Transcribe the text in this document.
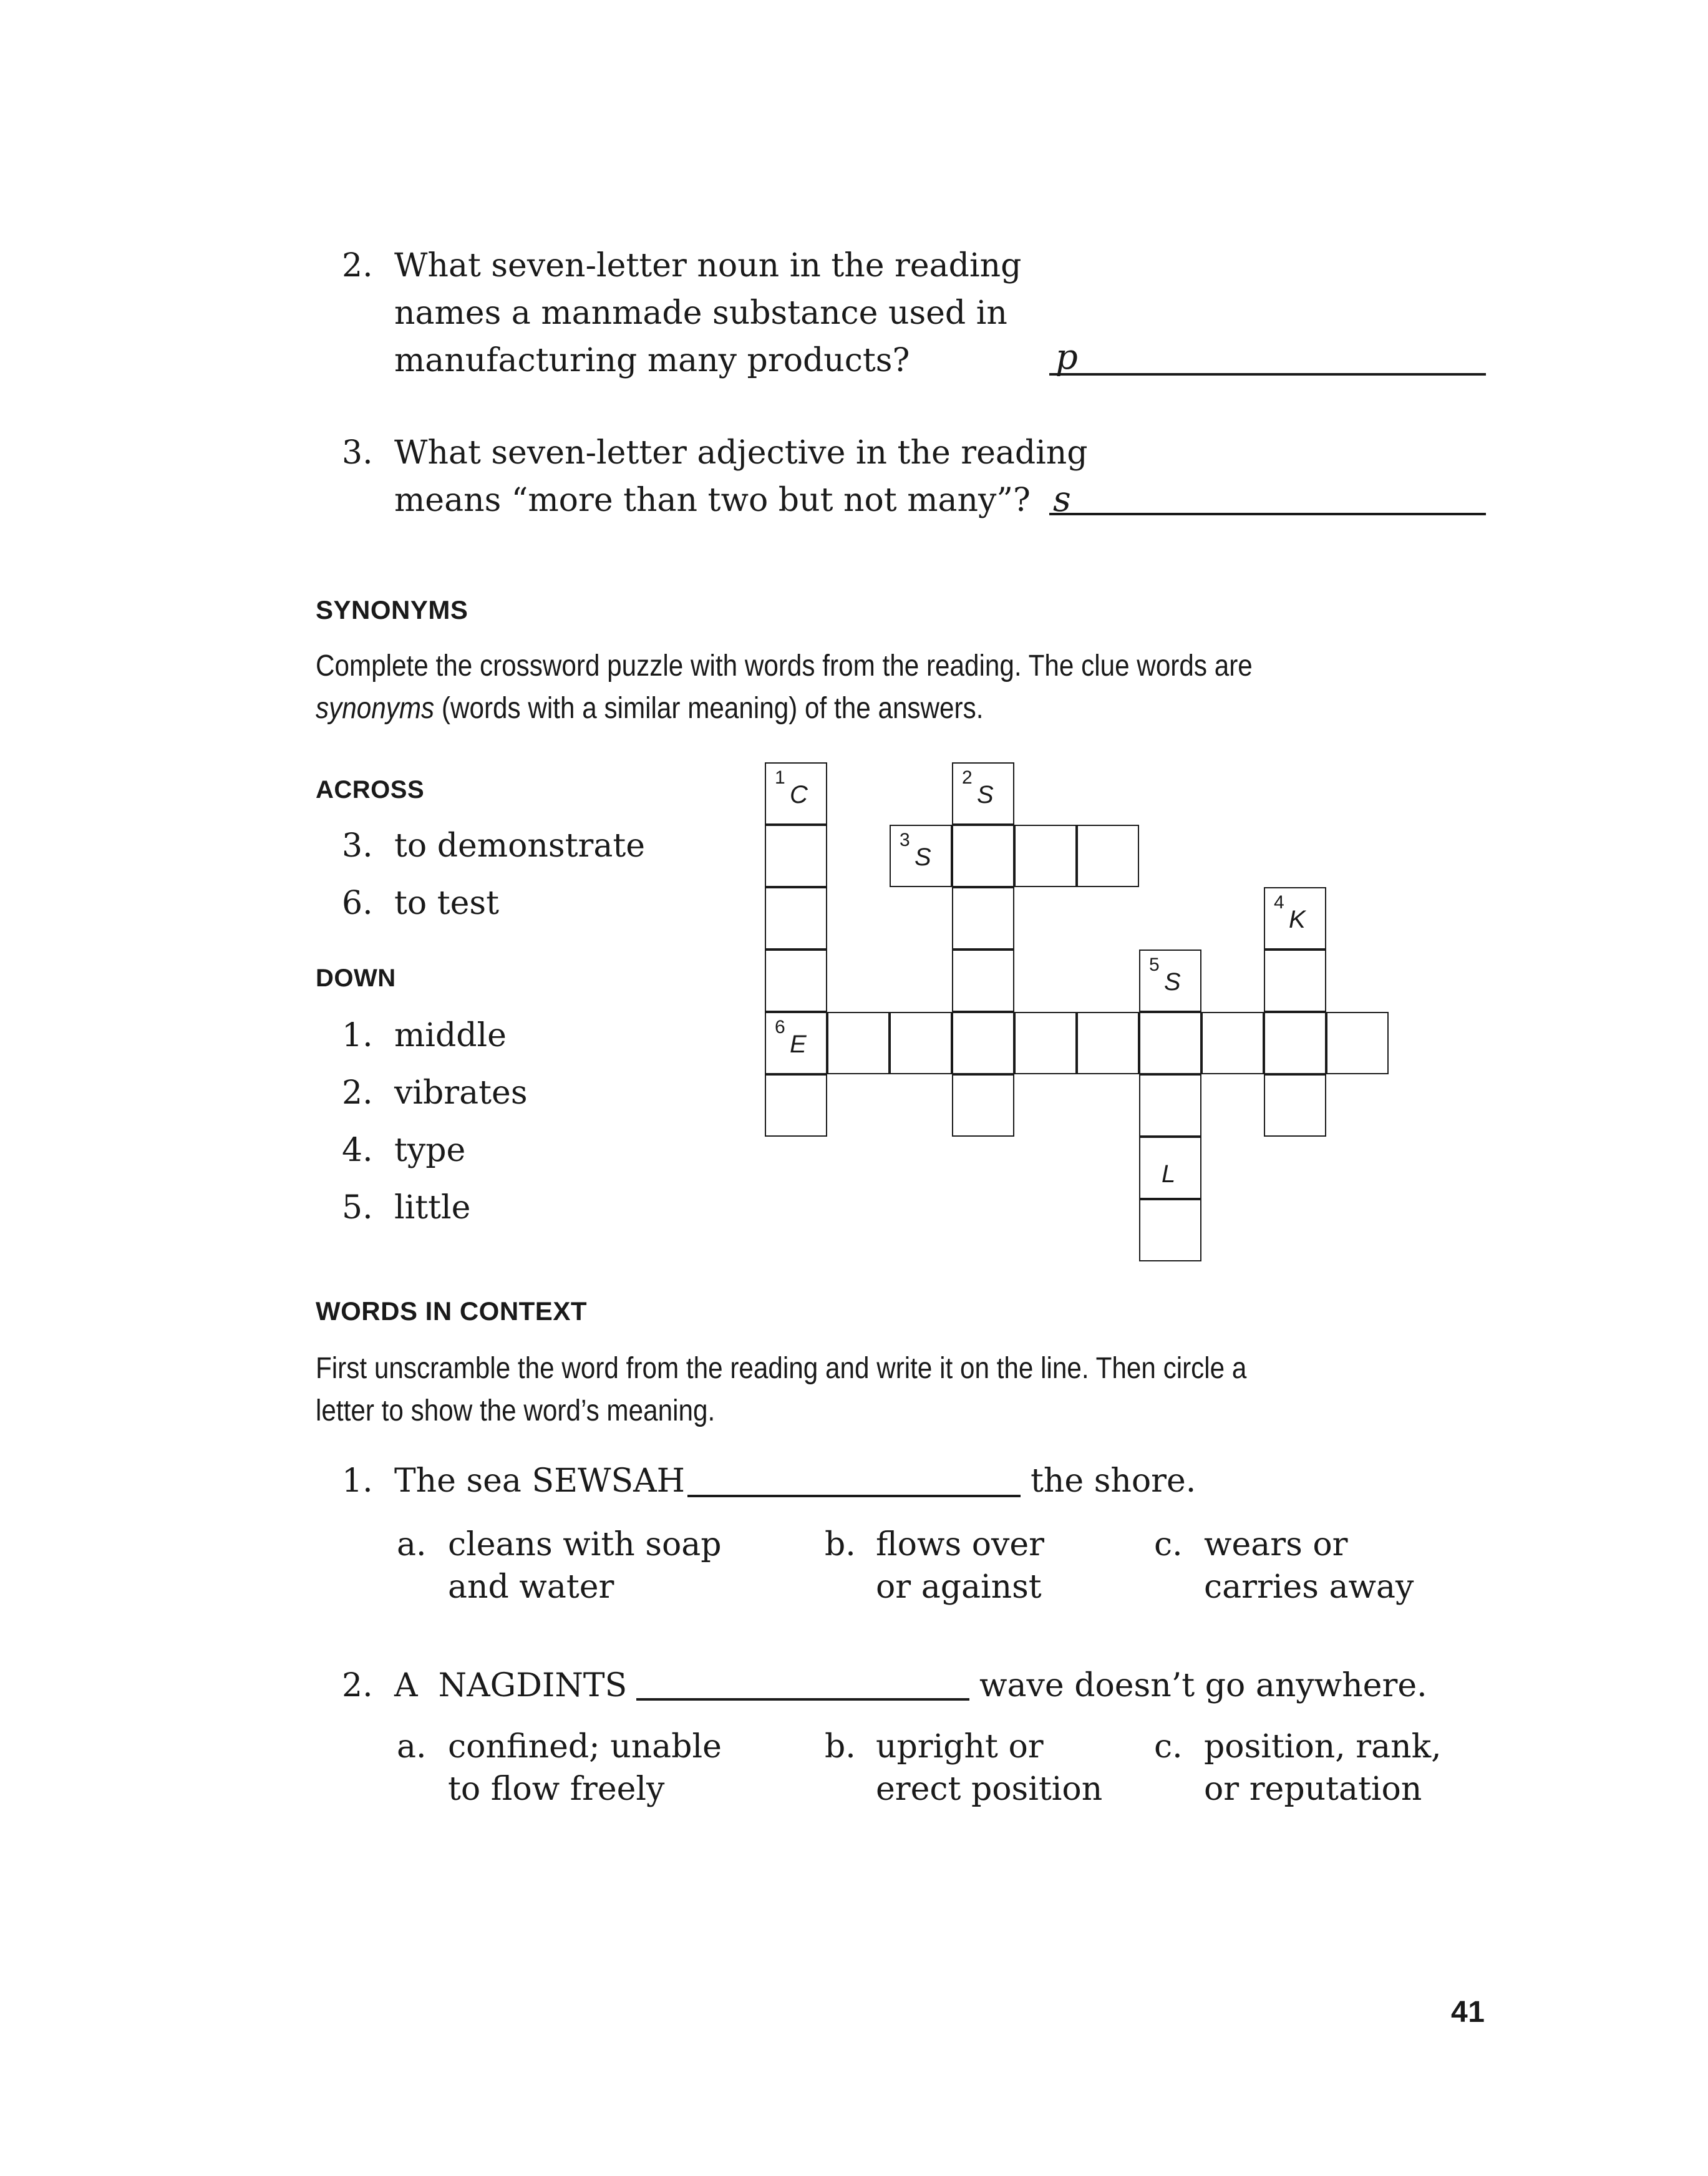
2. What seven-letter noun in the reading
names a manmade substance used in
manufacturing many products?	p
3. What seven-letter adjective in the reading
means “more than two but not many”? s
SYNONYMS
Complete the crossword puzzle with words from the reading. The clue words are
synonyms (words with a similar meaning) of the answers.
ACROSS
3. to demonstrate
6. to test
DOWN
1. middle
2. vibrates
4. type
5. little
1
C
6
E
3
S
2
S
5
S
L
4
K
WORDS IN CONTEXT
First unscramble the word from the reading and write it on the line. Then circle a
letter to show the word’s meaning.
1. The sea SEWSAH	the shore.
a. cleans with soap
and water
b. flows over
or against
c. wears or
carries away
2. A  NAGDINTS	wave doesn’t go anywhere.
a. confined; unable
to flow freely
b. upright or
erect position
c. position, rank,
or reputation
41
